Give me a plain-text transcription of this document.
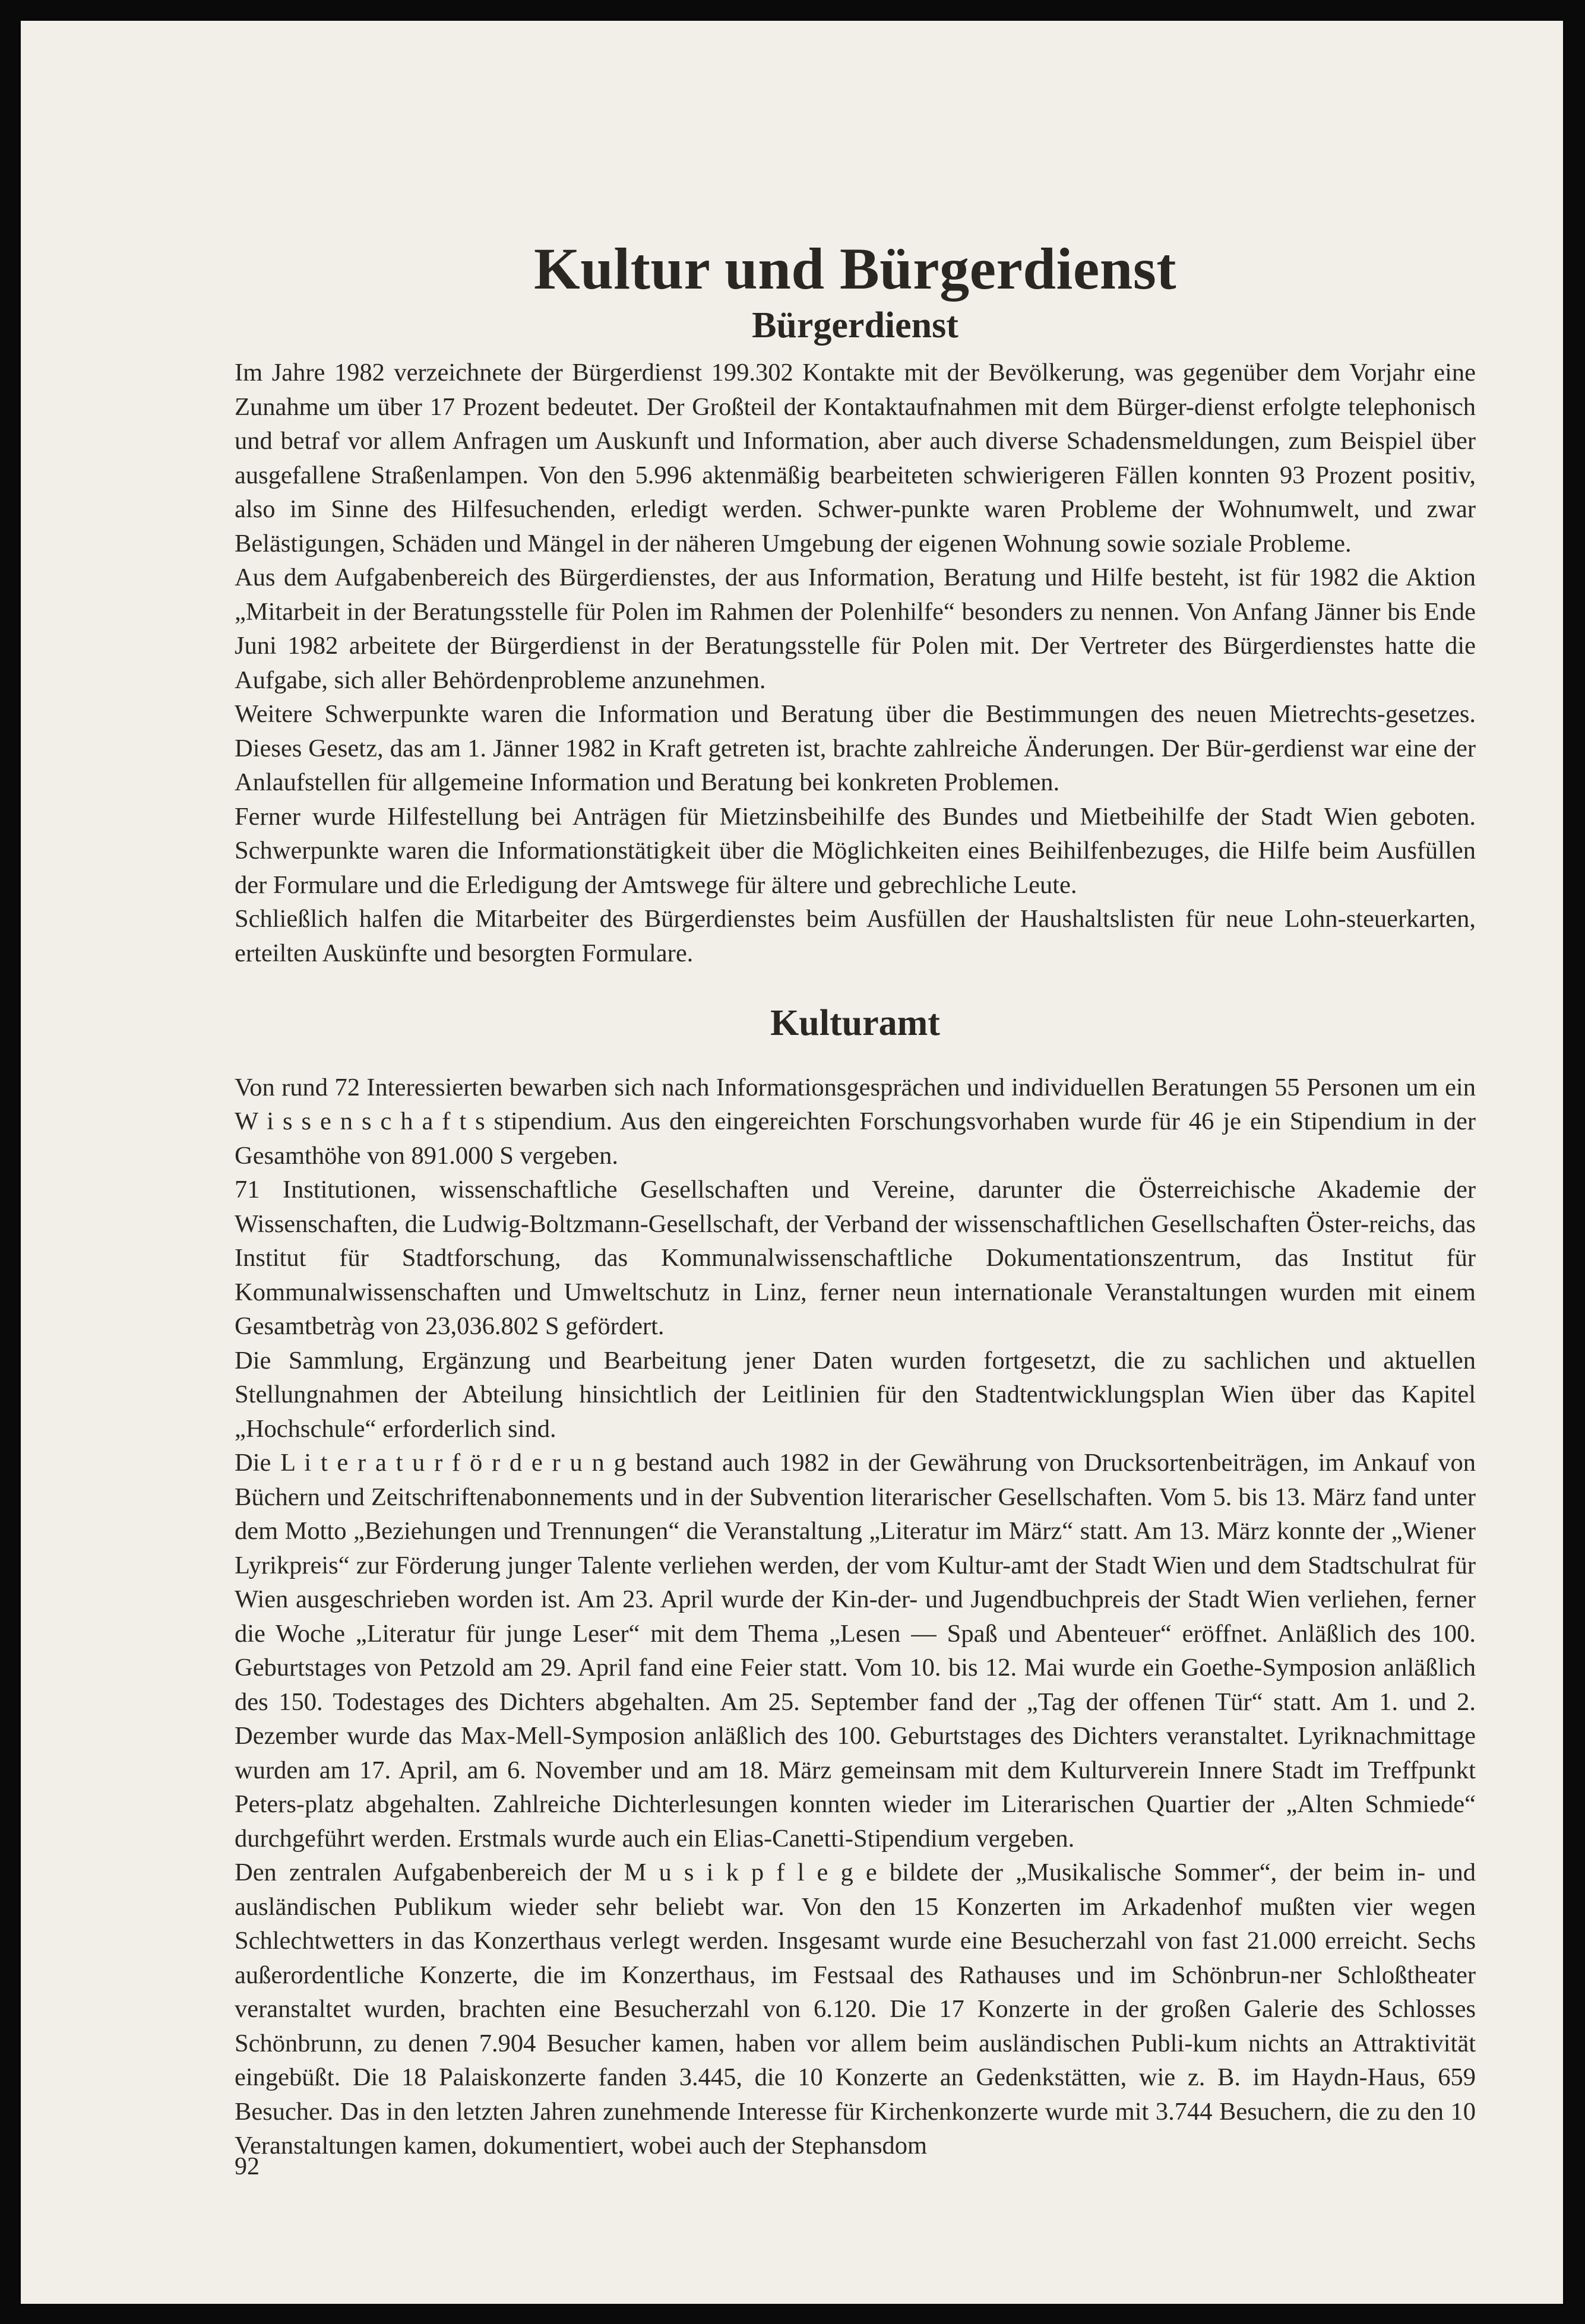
Kultur und Bürgerdienst
Bürgerdienst

Im Jahre 1982 verzeichnete der Bürgerdienst 199.302 Kontakte mit der Bevölkerung, was gegenüber dem Vorjahr eine Zunahme um über 17 Prozent bedeutet. Der Großteil der Kontaktaufnahmen mit dem Bürger-dienst erfolgte telephonisch und betraf vor allem Anfragen um Auskunft und Information, aber auch diverse Schadensmeldungen, zum Beispiel über ausgefallene Straßenlampen. Von den 5.996 aktenmäßig bearbeiteten schwierigeren Fällen konnten 93 Prozent positiv, also im Sinne des Hilfesuchenden, erledigt werden. Schwer-punkte waren Probleme der Wohnumwelt, und zwar Belästigungen, Schäden und Mängel in der näheren Umgebung der eigenen Wohnung sowie soziale Probleme.

Aus dem Aufgabenbereich des Bürgerdienstes, der aus Information, Beratung und Hilfe besteht, ist für 1982 die Aktion „Mitarbeit in der Beratungsstelle für Polen im Rahmen der Polenhilfe“ besonders zu nennen. Von Anfang Jänner bis Ende Juni 1982 arbeitete der Bürgerdienst in der Beratungsstelle für Polen mit. Der Vertreter des Bürgerdienstes hatte die Aufgabe, sich aller Behördenprobleme anzunehmen.

Weitere Schwerpunkte waren die Information und Beratung über die Bestimmungen des neuen Mietrechts-gesetzes. Dieses Gesetz, das am 1. Jänner 1982 in Kraft getreten ist, brachte zahlreiche Änderungen. Der Bür-gerdienst war eine der Anlaufstellen für allgemeine Information und Beratung bei konkreten Problemen.

Ferner wurde Hilfestellung bei Anträgen für Mietzinsbeihilfe des Bundes und Mietbeihilfe der Stadt Wien geboten. Schwerpunkte waren die Informationstätigkeit über die Möglichkeiten eines Beihilfenbezuges, die Hilfe beim Ausfüllen der Formulare und die Erledigung der Amtswege für ältere und gebrechliche Leute.

Schließlich halfen die Mitarbeiter des Bürgerdienstes beim Ausfüllen der Haushaltslisten für neue Lohn-steuerkarten, erteilten Auskünfte und besorgten Formulare.

Kulturamt

Von rund 72 Interessierten bewarben sich nach Informationsgesprächen und individuellen Beratungen 55 Personen um ein W i s s e n s c h a f t s stipendium. Aus den eingereichten Forschungsvorhaben wurde für 46 je ein Stipendium in der Gesamthöhe von 891.000 S vergeben.

71 Institutionen, wissenschaftliche Gesellschaften und Vereine, darunter die Österreichische Akademie der Wissenschaften, die Ludwig-Boltzmann-Gesellschaft, der Verband der wissenschaftlichen Gesellschaften Öster-reichs, das Institut für Stadtforschung, das Kommunalwissenschaftliche Dokumentationszentrum, das Institut für Kommunalwissenschaften und Umweltschutz in Linz, ferner neun internationale Veranstaltungen wurden mit einem Gesamtbetràg von 23,036.802 S gefördert.

Die Sammlung, Ergänzung und Bearbeitung jener Daten wurden fortgesetzt, die zu sachlichen und aktuellen Stellungnahmen der Abteilung hinsichtlich der Leitlinien für den Stadtentwicklungsplan Wien über das Kapitel „Hochschule“ erforderlich sind.

Die L i t e r a t u r f ö r d e r u n g bestand auch 1982 in der Gewährung von Drucksortenbeiträgen, im Ankauf von Büchern und Zeitschriftenabonnements und in der Subvention literarischer Gesellschaften. Vom 5. bis 13. März fand unter dem Motto „Beziehungen und Trennungen“ die Veranstaltung „Literatur im März“ statt. Am 13. März konnte der „Wiener Lyrikpreis“ zur Förderung junger Talente verliehen werden, der vom Kultur-amt der Stadt Wien und dem Stadtschulrat für Wien ausgeschrieben worden ist. Am 23. April wurde der Kin-der- und Jugendbuchpreis der Stadt Wien verliehen, ferner die Woche „Literatur für junge Leser“ mit dem Thema „Lesen — Spaß und Abenteuer“ eröffnet. Anläßlich des 100. Geburtstages von Petzold am 29. April fand eine Feier statt. Vom 10. bis 12. Mai wurde ein Goethe-Symposion anläßlich des 150. Todestages des Dichters abgehalten. Am 25. September fand der „Tag der offenen Tür“ statt. Am 1. und 2. Dezember wurde das Max-Mell-Symposion anläßlich des 100. Geburtstages des Dichters veranstaltet. Lyriknachmittage wurden am 17. April, am 6. November und am 18. März gemeinsam mit dem Kulturverein Innere Stadt im Treffpunkt Peters-platz abgehalten. Zahlreiche Dichterlesungen konnten wieder im Literarischen Quartier der „Alten Schmiede“ durchgeführt werden. Erstmals wurde auch ein Elias-Canetti-Stipendium vergeben.

Den zentralen Aufgabenbereich der M u s i k p f l e g e bildete der „Musikalische Sommer“, der beim in- und ausländischen Publikum wieder sehr beliebt war. Von den 15 Konzerten im Arkadenhof mußten vier wegen Schlechtwetters in das Konzerthaus verlegt werden. Insgesamt wurde eine Besucherzahl von fast 21.000 erreicht. Sechs außerordentliche Konzerte, die im Konzerthaus, im Festsaal des Rathauses und im Schönbrun-ner Schloßtheater veranstaltet wurden, brachten eine Besucherzahl von 6.120. Die 17 Konzerte in der großen Galerie des Schlosses Schönbrunn, zu denen 7.904 Besucher kamen, haben vor allem beim ausländischen Publi-kum nichts an Attraktivität eingebüßt. Die 18 Palaiskonzerte fanden 3.445, die 10 Konzerte an Gedenkstätten, wie z. B. im Haydn-Haus, 659 Besucher. Das in den letzten Jahren zunehmende Interesse für Kirchenkonzerte wurde mit 3.744 Besuchern, die zu den 10 Veranstaltungen kamen, dokumentiert, wobei auch der Stephansdom

92
